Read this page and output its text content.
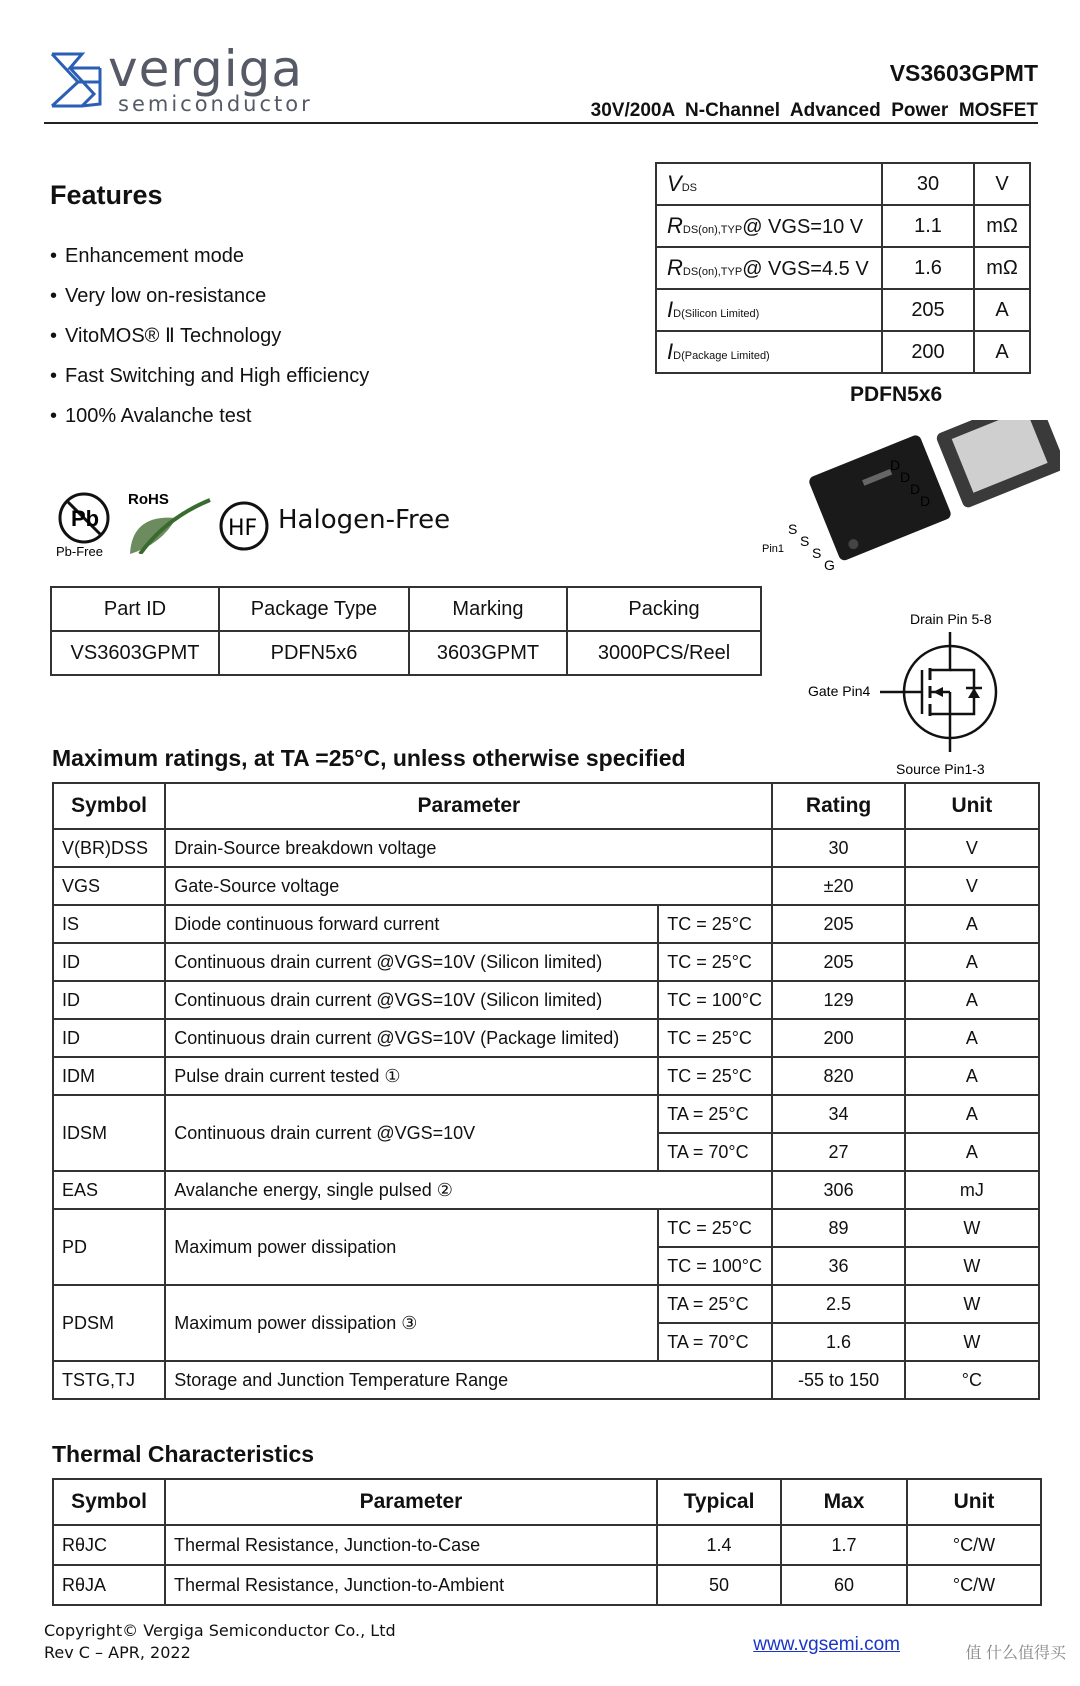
vergiga
semiconductor
VS3603GPMT
30V/200A  N-Channel  Advanced  Power  MOSFET
Features
• Enhancement mode
• Very low on-resistance
• VitoMOS® Ⅱ Technology
• Fast Switching and High efficiency
• 100% Avalanche test
VDS	30	V
RDS(on),TYP@ VGS=10 V	1.1	mΩ
RDS(on),TYP@ VGS=4.5 V	1.6	mΩ
ID(Silicon Limited)	205	A
ID(Package Limited)	200	A
PDFN5x6
D
D
D
D
S
S
S
G
Pin1
Pb
Pb-Free
RoHS
HF Halogen-Free
Part ID	Package Type	Marking	Packing
VS3603GPMT	PDFN5x6	3603GPMT	3000PCS/Reel
Drain Pin 5-8
Gate Pin4
Source Pin1-3
Maximum ratings, at TA =25°C, unless otherwise specified
Symbol	Parameter		Rating	Unit
V(BR)DSS	Drain-Source breakdown voltage		30	V
VGS	Gate-Source voltage		±20	V
IS	Diode continuous forward current	TC = 25°C	205	A
ID	Continuous drain current @VGS=10V (Silicon limited)	TC = 25°C	205	A
ID	Continuous drain current @VGS=10V (Silicon limited)	TC = 100°C	129	A
ID	Continuous drain current @VGS=10V (Package limited)	TC = 25°C	200	A
IDM	Pulse drain current tested ①	TC = 25°C	820	A
IDSM	Continuous drain current @VGS=10V	TA = 25°C	34	A
		TA = 70°C	27	A
EAS	Avalanche energy, single pulsed ②		306	mJ
PD	Maximum power dissipation	TC = 25°C	89	W
		TC = 100°C	36	W
PDSM	Maximum power dissipation ③	TA = 25°C	2.5	W
		TA = 70°C	1.6	W
TSTG,TJ	Storage and Junction Temperature Range		-55 to 150	°C
Thermal Characteristics
Symbol	Parameter	Typical	Max	Unit
RθJC	Thermal Resistance, Junction-to-Case	1.4	1.7	°C/W
RθJA	Thermal Resistance, Junction-to-Ambient	50	60	°C/W
Copyright© Vergiga Semiconductor Co., Ltd
Rev C – APR, 2022	www.vgsemi.com	值 什么值得买
